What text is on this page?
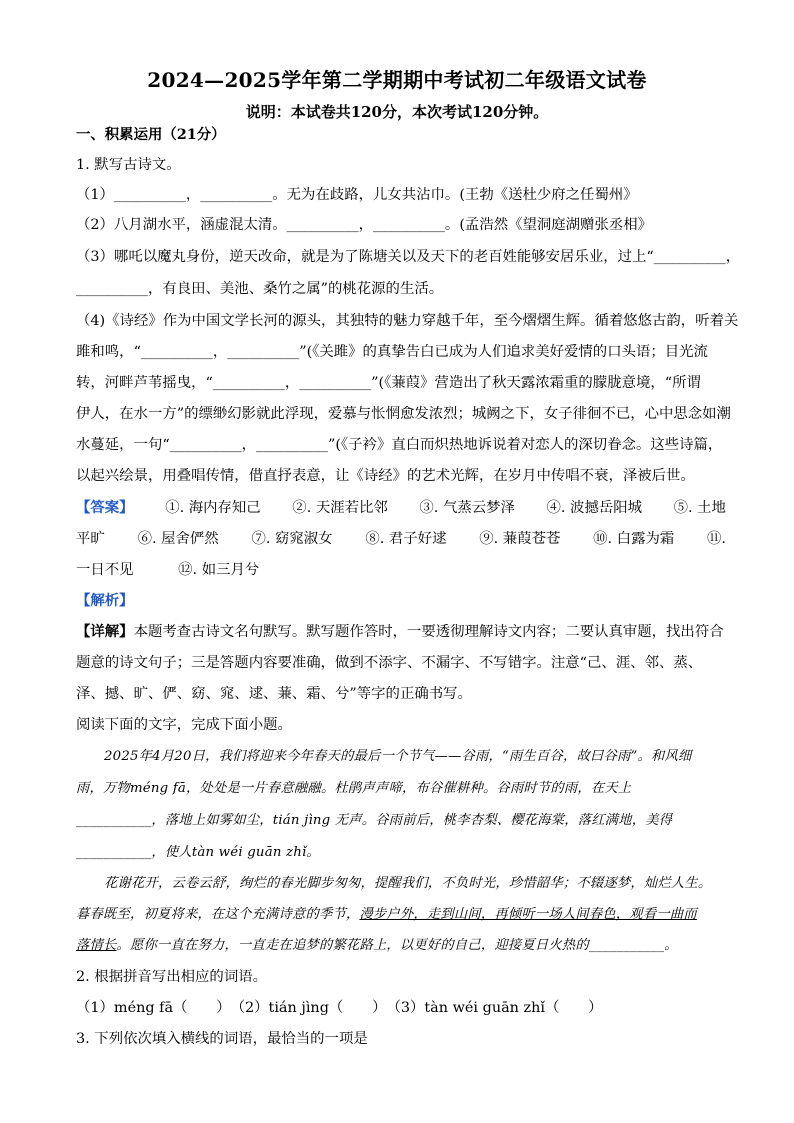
2024—2025学年第二学期期中考试初二年级语文试卷
说明：本试卷共120分，本次考试120分钟。
一、积累运用（21分）
1. 默写古诗文。
（1）__________，__________。无为在歧路，儿女共沾巾。(王勃《送杜少府之任蜀州》
（2）八月湖水平，涵虚混太清。__________，__________。(孟浩然《望洞庭湖赠张丞相》
（3）哪吒以魔丸身份，逆天改命，就是为了陈塘关以及天下的老百姓能够安居乐业，过上“__________，
__________，有良田、美池、桑竹之属”的桃花源的生活。
（4)《诗经》作为中国文学长河的源头，其独特的魅力穿越千年，至今熠熠生辉。循着悠悠古韵，听着关
雎和鸣，“__________，__________”(《关雎》的真挚告白已成为人们追求美好爱情的口头语；目光流
转，河畔芦苇摇曳，“__________，__________”(《蒹葭》营造出了秋天露浓霜重的朦胧意境，“所谓
伊人，在水一方”的缥缈幻影就此浮现，爱慕与怅惘愈发浓烈；城阙之下，女子徘徊不已，心中思念如潮
水蔓延，一句“__________，__________”(《子衿》直白而炽热地诉说着对恋人的深切眷念。这些诗篇，
以起兴绘景，用叠唱传情，借直抒表意，让《诗经》的艺术光辉，在岁月中传唱不衰，泽被后世。
【答案】 ①. 海内存知己 ②. 天涯若比邻 ③. 气蒸云梦泽 ④. 波撼岳阳城 ⑤. 土地
平旷 ⑥. 屋舍俨然 ⑦. 窈窕淑女 ⑧. 君子好逑 ⑨. 蒹葭苍苍 ⑩. 白露为霜 ⑪.
一日不见	⑫. 如三月兮
【解析】
【详解】本题考查古诗文名句默写。默写题作答时，一要透彻理解诗文内容；二要认真审题，找出符合
题意的诗文句子；三是答题内容要准确，做到不添字、不漏字、不写错字。注意“己、涯、邻、蒸、
泽、撼、旷、俨、窈、窕、逑、蒹、霜、兮”等字的正确书写。
阅读下面的文字，完成下面小题。
2025年4月20日，我们将迎来今年春天的最后一个节气——谷雨，“雨生百谷，故曰谷雨”。和风细
雨，万物méng fā，处处是一片春意融融。杜鹃声声啼，布谷催耕种。谷雨时节的雨，在天上
___________，落地上如雾如尘，tián jìng 无声。谷雨前后，桃李杏梨、樱花海棠，落红满地，美得
___________，使人tàn wéi guān zhǐ。
花谢花开，云卷云舒，绚烂的春光脚步匆匆，提醒我们，不负时光，珍惜韶华；不辍逐梦，灿烂人生。
暮春既至，初夏将来，在这个充满诗意的季节，漫步户外，走到山间，再倾听一场人间春色，观看一曲而
落情长。愿你一直在努力，一直走在追梦的繁花路上，以更好的自己，迎接夏日火热的___________。
2. 根据拼音写出相应的词语。
（1）méng fā（　　）　（2）tián jìng（　　）　（3）tàn wéi guān zhǐ（　　）
3. 下列依次填入横线的词语，最恰当的一项是
